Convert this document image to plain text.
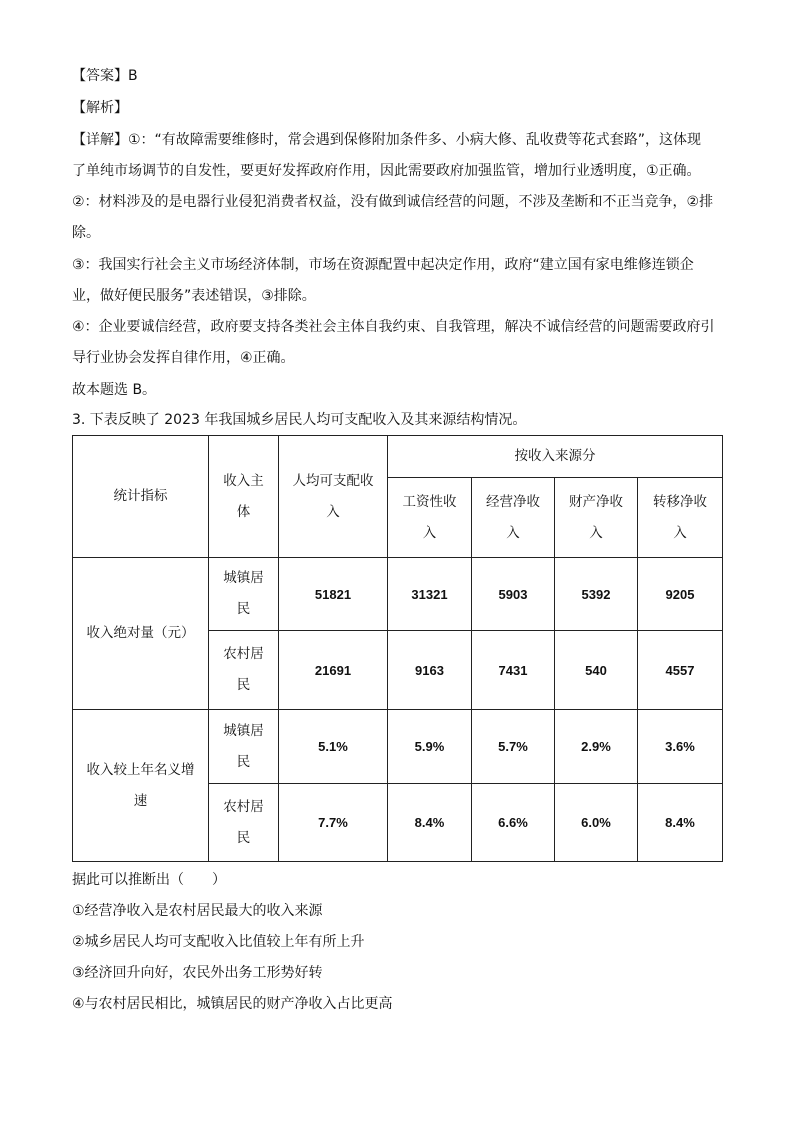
【答案】B
【解析】
【详解】①：“有故障需要维修时，常会遇到保修附加条件多、小病大修、乱收费等花式套路”，这体现
了单纯市场调节的自发性，要更好发挥政府作用，因此需要政府加强监管，增加行业透明度，①正确。
②：材料涉及的是电器行业侵犯消费者权益，没有做到诚信经营的问题，不涉及垄断和不正当竞争，②排
除。
③：我国实行社会主义市场经济体制，市场在资源配置中起决定作用，政府“建立国有家电维修连锁企
业，做好便民服务”表述错误，③排除。
④：企业要诚信经营，政府要支持各类社会主体自我约束、自我管理，解决不诚信经营的问题需要政府引
导行业协会发挥自律作用，④正确。
故本题选 B。
3. 下表反映了 2023 年我国城乡居民人均可支配收入及其来源结构情况。
统计指标	收入主体	人均可支配收入	按收入来源分			
			工资性收入	经营净收入	财产净收入	转移净收入
收入绝对量（元）	城镇居民	51821	31321	5903	5392	9205
	农村居民	21691	9163	7431	540	4557
收入较上年名义增速	城镇居民	5.1%	5.9%	5.7%	2.9%	3.6%
	农村居民	7.7%	8.4%	6.6%	6.0%	8.4%
据此可以推断出（　　）
①经营净收入是农村居民最大的收入来源
②城乡居民人均可支配收入比值较上年有所上升
③经济回升向好，农民外出务工形势好转
④与农村居民相比，城镇居民的财产净收入占比更高
